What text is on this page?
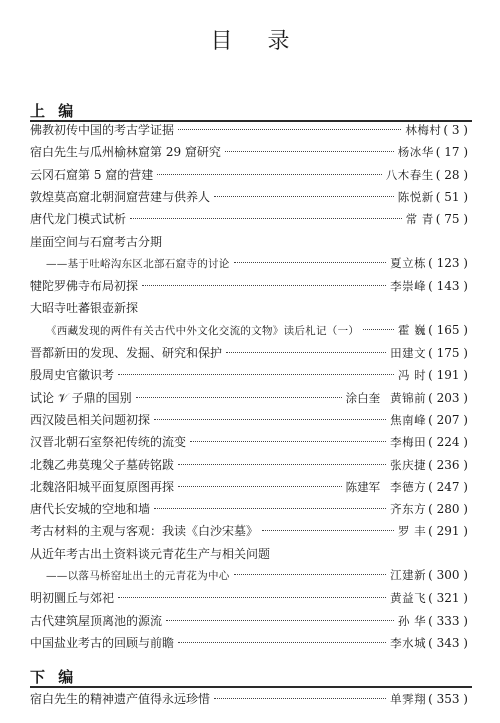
目 录
上 编
佛教初传中国的考古学证据	林梅村 ( 3 )
宿白先生与瓜州榆林窟第 29 窟研究	杨冰华 ( 17 )
云冈石窟第 5 窟的营建	八木春生 ( 28 )
敦煌莫高窟北朝洞窟营建与供养人	陈悦新 ( 51 )
唐代龙门模式试析	常 青 ( 75 )
崖面空间与石窟考古分期
——基于吐峪沟东区北部石窟寺的讨论	夏立栋 ( 123 )
犍陀罗佛寺布局初探	李崇峰 ( 143 )
大昭寺吐蕃银壶新探
《西藏发现的两件有关古代中外文化交流的文物》读后札记（一）	霍 巍 ( 165 )
晋都新田的发现、发掘、研究和保护	田建文 ( 175 )
殷周史官徽识考	冯 时 ( 191 )
试论 𝒱 子鼎的国别	涂白奎 黄锦前 ( 203 )
西汉陵邑相关问题初探	焦南峰 ( 207 )
汉晋北朝石室祭祀传统的流变	李梅田 ( 224 )
北魏乙弗莫瑰父子墓砖铭跋	张庆捷 ( 236 )
北魏洛阳城平面复原图再探	陈建军 李德方 ( 247 )
唐代长安城的空地和墙	齐东方 ( 280 )
考古材料的主观与客观：我读《白沙宋墓》	罗 丰 ( 291 )
从近年考古出土资料谈元青花生产与相关问题
——以落马桥窑址出土的元青花为中心	江建新 ( 300 )
明初圜丘与郊祀	黄益飞 ( 321 )
古代建筑屋顶离池的源流	孙 华 ( 333 )
中国盐业考古的回顾与前瞻	李水城 ( 343 )
下 编
宿白先生的精神遗产值得永远珍惜	单霁翔 ( 353 )
